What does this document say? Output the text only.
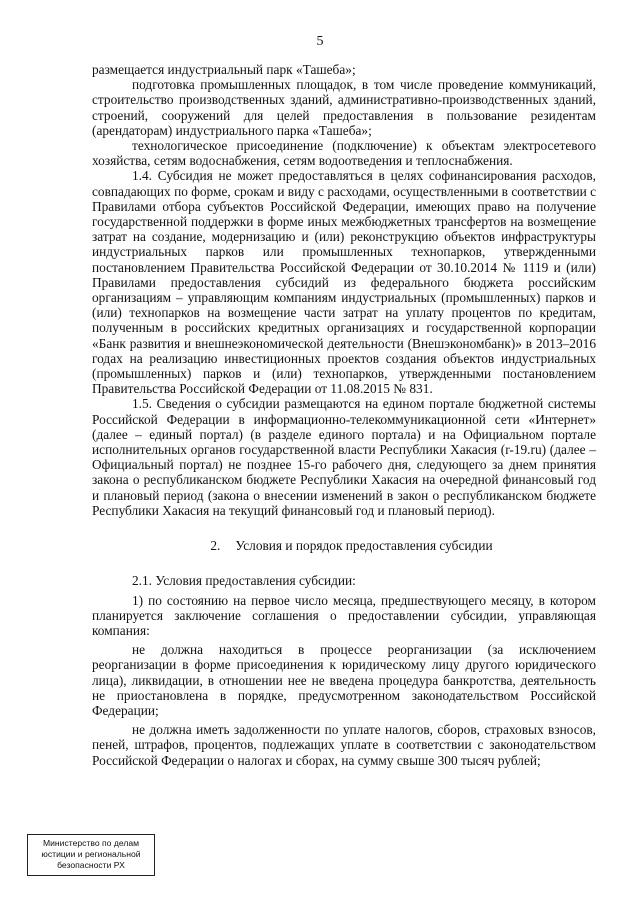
5

размещается индустриальный парк «Ташеба»;

подготовка промышленных площадок, в том числе проведение коммуникаций, строительство производственных зданий, административно-производственных зданий, строений, сооружений для целей предоставления в пользование резидентам (арендаторам) индустриального парка «Ташеба»;

технологическое присоединение (подключение) к объектам электросетевого хозяйства, сетям водоснабжения, сетям водоотведения и теплоснабжения.

1.4. Субсидия не может предоставляться в целях софинансирования расходов, совпадающих по форме, срокам и виду с расходами, осуществленными в соответствии с Правилами отбора субъектов Российской Федерации, имеющих право на получение государственной поддержки в форме иных межбюджетных трансфертов на возмещение затрат на создание, модернизацию и (или) реконструкцию объектов инфраструктуры индустриальных парков или промышленных технопарков, утвержденными постановлением Правительства Российской Федерации от 30.10.2014 № 1119 и (или) Правилами предоставления субсидий из федерального бюджета российским организациям – управляющим компаниям индустриальных (промышленных) парков и (или) технопарков на возмещение части затрат на уплату процентов по кредитам, полученным в российских кредитных организациях и государственной корпорации «Банк развития и внешнеэкономической деятельности (Внешэкономбанк)» в 2013–2016 годах на реализацию инвестиционных проектов создания объектов индустриальных (промышленных) парков и (или) технопарков, утвержденными постановлением Правительства Российской Федерации от 11.08.2015 № 831.

1.5. Сведения о субсидии размещаются на едином портале бюджетной системы Российской Федерации в информационно-телекоммуникационной сети «Интернет» (далее – единый портал) (в разделе единого портала) и на Официальном портале исполнительных органов государственной власти Республики Хакасия (r-19.ru) (далее – Официальный портал) не позднее 15-го рабочего дня, следующего за днем принятия закона о республиканском бюджете Республики Хакасия на очередной финансовый год и плановый период (закона о внесении изменений в закон о республиканском бюджете Республики Хакасия на текущий финансовый год и плановый период).

2. Условия и порядок предоставления субсидии

2.1. Условия предоставления субсидии:

1) по состоянию на первое число месяца, предшествующего месяцу, в котором планируется заключение соглашения о предоставлении субсидии, управляющая компания:

не должна находиться в процессе реорганизации (за исключением реорганизации в форме присоединения к юридическому лицу другого юридического лица), ликвидации, в отношении нее не введена процедура банкротства, деятельность не приостановлена в порядке, предусмотренном законодательством Российской Федерации;

не должна иметь задолженности по уплате налогов, сборов, страховых взносов, пеней, штрафов, процентов, подлежащих уплате в соответствии с законодательством Российской Федерации о налогах и сборах, на сумму свыше 300 тысяч рублей;

Министерство по делам
юстиции и региональной
безопасности РХ
